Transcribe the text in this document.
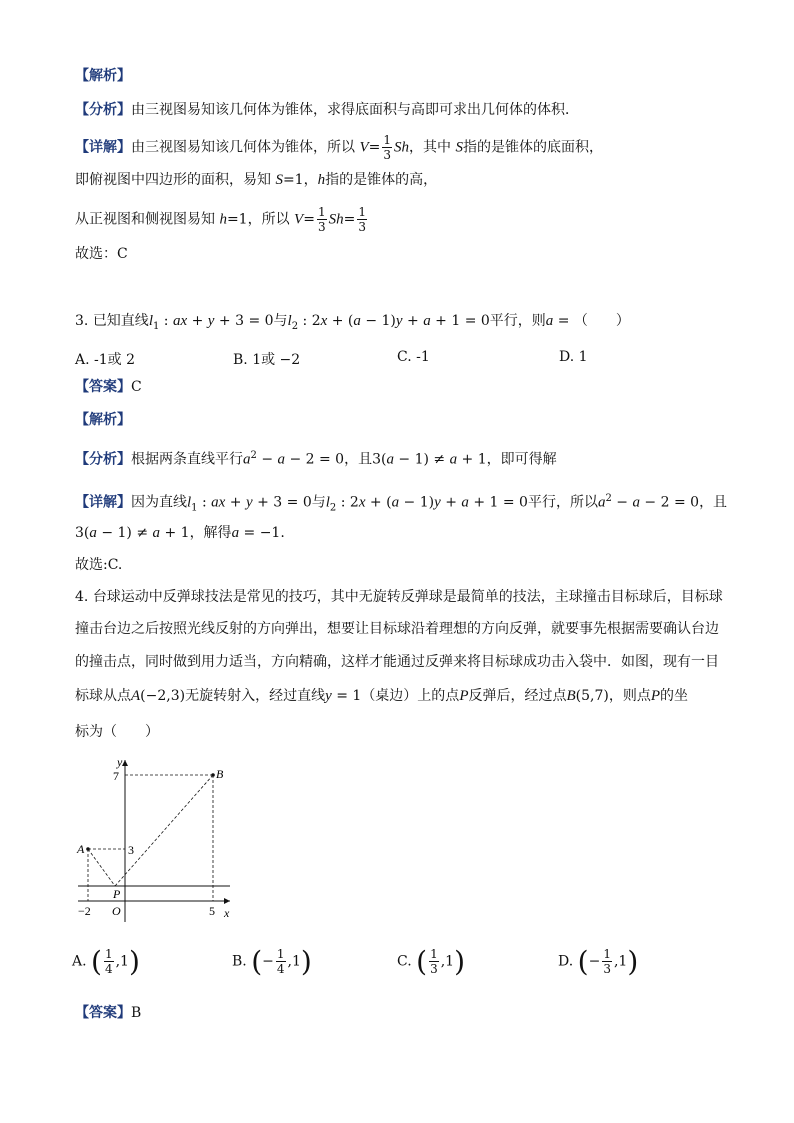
【解析】
【分析】由三视图易知该几何体为锥体，求得底面积与高即可求出几何体的体积．
【详解】由三视图易知该几何体为锥体，所以 $V= \frac{1}{3}$ Sh，其中 S指的是锥体的底面积，
即俯视图中四边形的面积，易知 S=1，h指的是锥体的高，
从正视图和侧视图易知 h=1，所以 $V= \frac{1}{3} Sh= \frac{1}{3}$
故选：C
3. 已知直线$l_1$ : ax + y + 3 = 0与$l_2$ : 2x + (a − 1)y + a + 1 = 0平行，则a = （　　）
A. -1或 2	B. 1或 −2	C. -1	D. 1
【答案】C
【解析】
【分析】根据两条直线平行$a^2 - a - 2 = 0$，且3(a − 1) ≠ a + 1，即可得解
【详解】因为直线$l_1$ : ax + y + 3 = 0与$l_2$ : 2x + (a − 1)y + a + 1 = 0平行，所以$a^2 - a - 2 = 0$，且
3(a − 1) ≠ a + 1，解得a = −1.
故选:C.
4. 台球运动中反弹球技法是常见的技巧，其中无旋转反弹球是最简单的技法，主球撞击目标球后，目标球
撞击台边之后按照光线反射的方向弹出，想要让目标球沿着理想的方向反弹，就要事先根据需要确认台边
的撞击点，同时做到用力适当，方向精确，这样才能通过反弹来将目标球成功击入袋中．如图，现有一目
标球从点A(−2,3)无旋转射入，经过直线y = 1（桌边）上的点P反弹后，经过点B(5,7)，则点P的坐
标为（　　）
y
x
O
7
3
−2	5
A
B
P
A. ( $\frac{1}{4} ,1$)	B. (− $\frac{1}{4} ,1$)	C. ( $\frac{1}{3} ,1$)	D. (− $\frac{1}{3} ,1$)
【答案】B
